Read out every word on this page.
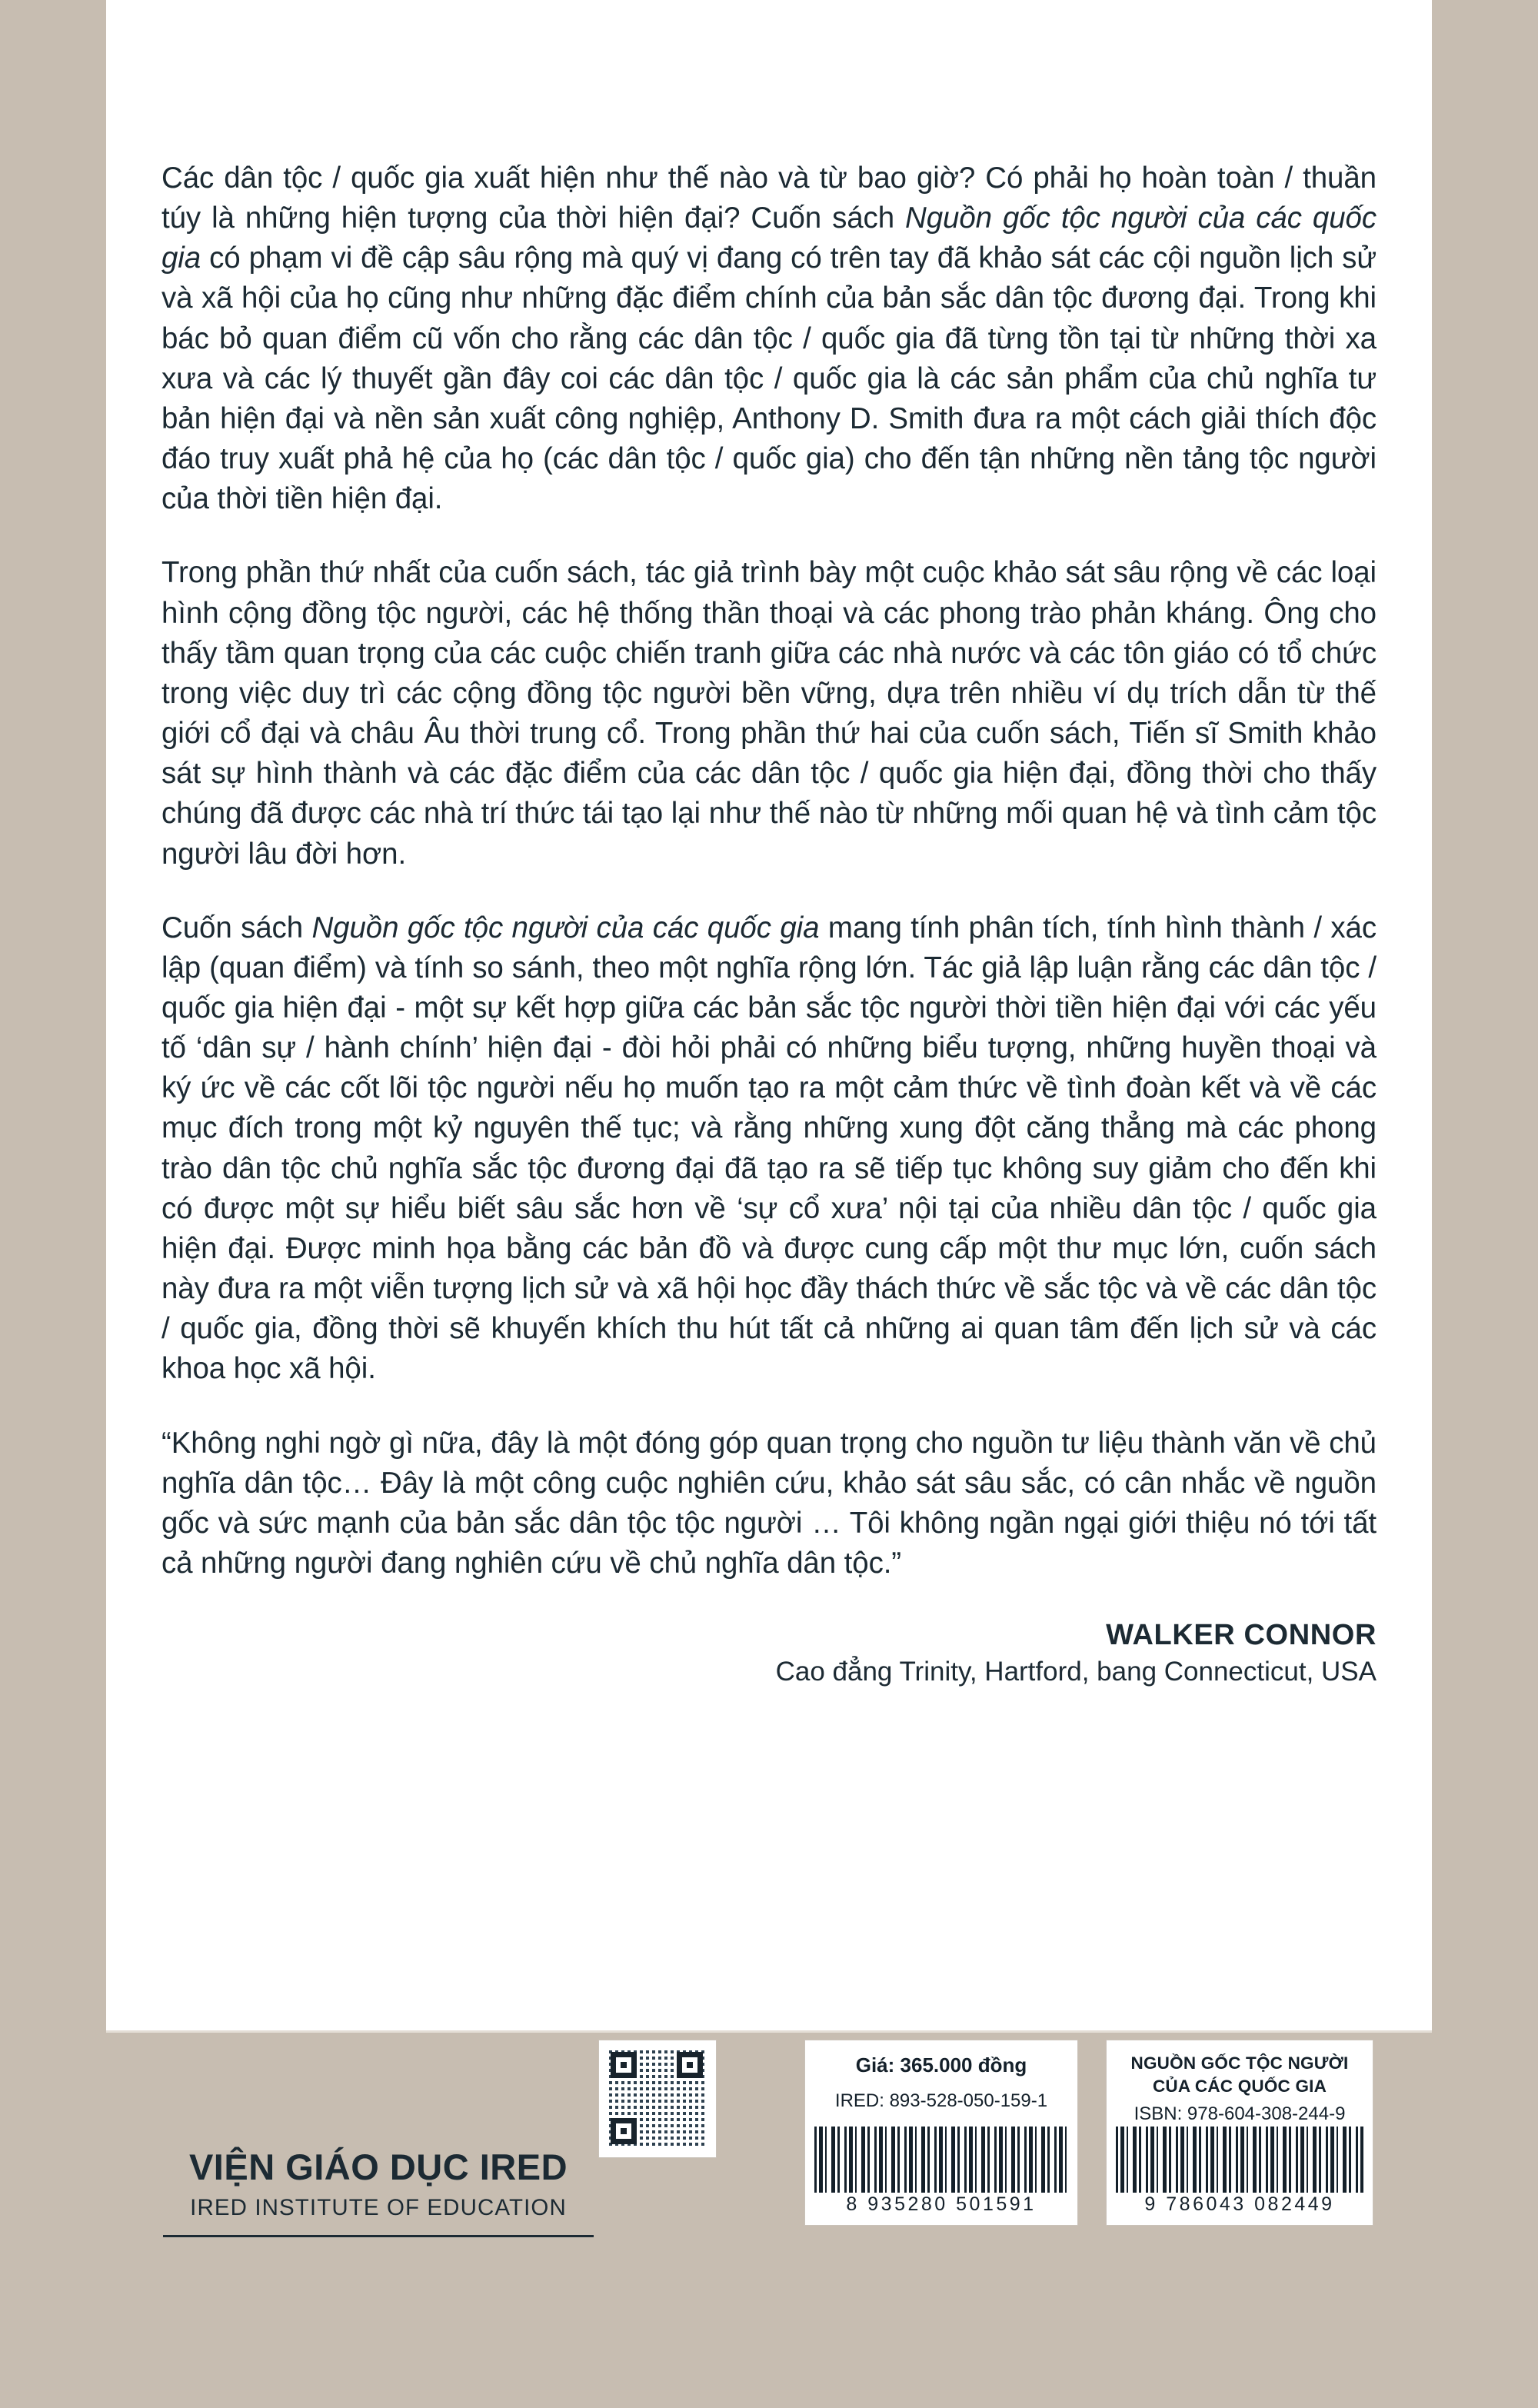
Các dân tộc / quốc gia xuất hiện như thế nào và từ bao giờ? Có phải họ hoàn toàn / thuần túy là những hiện tượng của thời hiện đại? Cuốn sách Nguồn gốc tộc người của các quốc gia có phạm vi đề cập sâu rộng mà quý vị đang có trên tay đã khảo sát các cội nguồn lịch sử và xã hội của họ cũng như những đặc điểm chính của bản sắc dân tộc đương đại. Trong khi bác bỏ quan điểm cũ vốn cho rằng các dân tộc / quốc gia đã từng tồn tại từ những thời xa xưa và các lý thuyết gần đây coi các dân tộc / quốc gia là các sản phẩm của chủ nghĩa tư bản hiện đại và nền sản xuất công nghiệp, Anthony D. Smith đưa ra một cách giải thích độc đáo truy xuất phả hệ của họ (các dân tộc / quốc gia) cho đến tận những nền tảng tộc người của thời tiền hiện đại.

Trong phần thứ nhất của cuốn sách, tác giả trình bày một cuộc khảo sát sâu rộng về các loại hình cộng đồng tộc người, các hệ thống thần thoại và các phong trào phản kháng. Ông cho thấy tầm quan trọng của các cuộc chiến tranh giữa các nhà nước và các tôn giáo có tổ chức trong việc duy trì các cộng đồng tộc người bền vững, dựa trên nhiều ví dụ trích dẫn từ thế giới cổ đại và châu Âu thời trung cổ. Trong phần thứ hai của cuốn sách, Tiến sĩ Smith khảo sát sự hình thành và các đặc điểm của các dân tộc / quốc gia hiện đại, đồng thời cho thấy chúng đã được các nhà trí thức tái tạo lại như thế nào từ những mối quan hệ và tình cảm tộc người lâu đời hơn.

Cuốn sách Nguồn gốc tộc người của các quốc gia mang tính phân tích, tính hình thành / xác lập (quan điểm) và tính so sánh, theo một nghĩa rộng lớn. Tác giả lập luận rằng các dân tộc / quốc gia hiện đại - một sự kết hợp giữa các bản sắc tộc người thời tiền hiện đại với các yếu tố ‘dân sự / hành chính’ hiện đại - đòi hỏi phải có những biểu tượng, những huyền thoại và ký ức về các cốt lõi tộc người nếu họ muốn tạo ra một cảm thức về tình đoàn kết và về các mục đích trong một kỷ nguyên thế tục; và rằng những xung đột căng thẳng mà các phong trào dân tộc chủ nghĩa sắc tộc đương đại đã tạo ra sẽ tiếp tục không suy giảm cho đến khi có được một sự hiểu biết sâu sắc hơn về ‘sự cổ xưa’ nội tại của nhiều dân tộc / quốc gia hiện đại. Được minh họa bằng các bản đồ và được cung cấp một thư mục lớn, cuốn sách này đưa ra một viễn tượng lịch sử và xã hội học đầy thách thức về sắc tộc và về các dân tộc / quốc gia, đồng thời sẽ khuyến khích thu hút tất cả những ai quan tâm đến lịch sử và các khoa học xã hội.

“Không nghi ngờ gì nữa, đây là một đóng góp quan trọng cho nguồn tư liệu thành văn về chủ nghĩa dân tộc… Đây là một công cuộc nghiên cứu, khảo sát sâu sắc, có cân nhắc về nguồn gốc và sức mạnh của bản sắc dân tộc tộc người … Tôi không ngần ngại giới thiệu nó tới tất cả những người đang nghiên cứu về chủ nghĩa dân tộc.”

WALKER CONNOR
Cao đẳng Trinity, Hartford, bang Connecticut, USA
VIỆN GIÁO DỤC IRED
IRED INSTITUTE OF EDUCATION
Giá: 365.000 đồng
IRED: 893-528-050-159-1
8 935280 501591
NGUỒN GỐC TỘC NGƯỜI
CỦA CÁC QUỐC GIA
ISBN: 978-604-308-244-9
9 786043 082449
